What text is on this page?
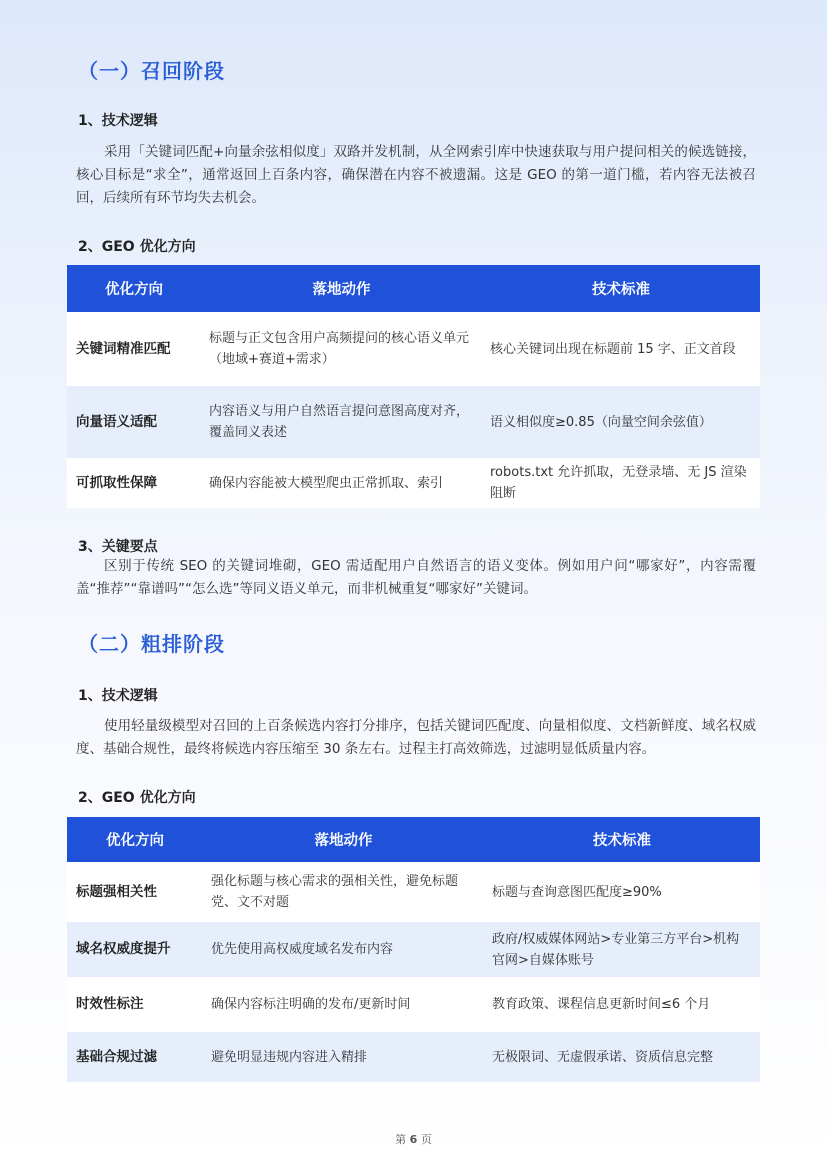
（一）召回阶段
1、技术逻辑
采用「关键词匹配+向量余弦相似度」双路并发机制，从全网索引库中快速获取与用户提问相关的候选链接，核心目标是“求全”，通常返回上百条内容，确保潜在内容不被遗漏。这是 GEO 的第一道门槛，若内容无法被召回，后续所有环节均失去机会。
2、GEO 优化方向
优化方向	落地动作	技术标准
关键词精准匹配	标题与正文包含用户高频提问的核心语义单元（地域+赛道+需求）	核心关键词出现在标题前 15 字、正文首段
向量语义适配	内容语义与用户自然语言提问意图高度对齐，覆盖同义表述	语义相似度≥0.85（向量空间余弦值）
可抓取性保障	确保内容能被大模型爬虫正常抓取、索引	robots.txt 允许抓取，无登录墙、无 JS 渲染阻断
3、关键要点
区别于传统 SEO 的关键词堆砌，GEO 需适配用户自然语言的语义变体。例如用户问“哪家好”，内容需覆盖“推荐”“靠谱吗”“怎么选”等同义语义单元，而非机械重复“哪家好”关键词。
（二）粗排阶段
1、技术逻辑
使用轻量级模型对召回的上百条候选内容打分排序，包括关键词匹配度、向量相似度、文档新鲜度、域名权威度、基础合规性，最终将候选内容压缩至 30 条左右。过程主打高效筛选，过滤明显低质量内容。
2、GEO 优化方向
优化方向	落地动作	技术标准
标题强相关性	强化标题与核心需求的强相关性，避免标题党、文不对题	标题与查询意图匹配度≥90%
域名权威度提升	优先使用高权威度域名发布内容	政府/权威媒体网站>专业第三方平台>机构官网>自媒体账号
时效性标注	确保内容标注明确的发布/更新时间	教育政策、课程信息更新时间≤6 个月
基础合规过滤	避免明显违规内容进入精排	无极限词、无虚假承诺、资质信息完整
第 6 页
